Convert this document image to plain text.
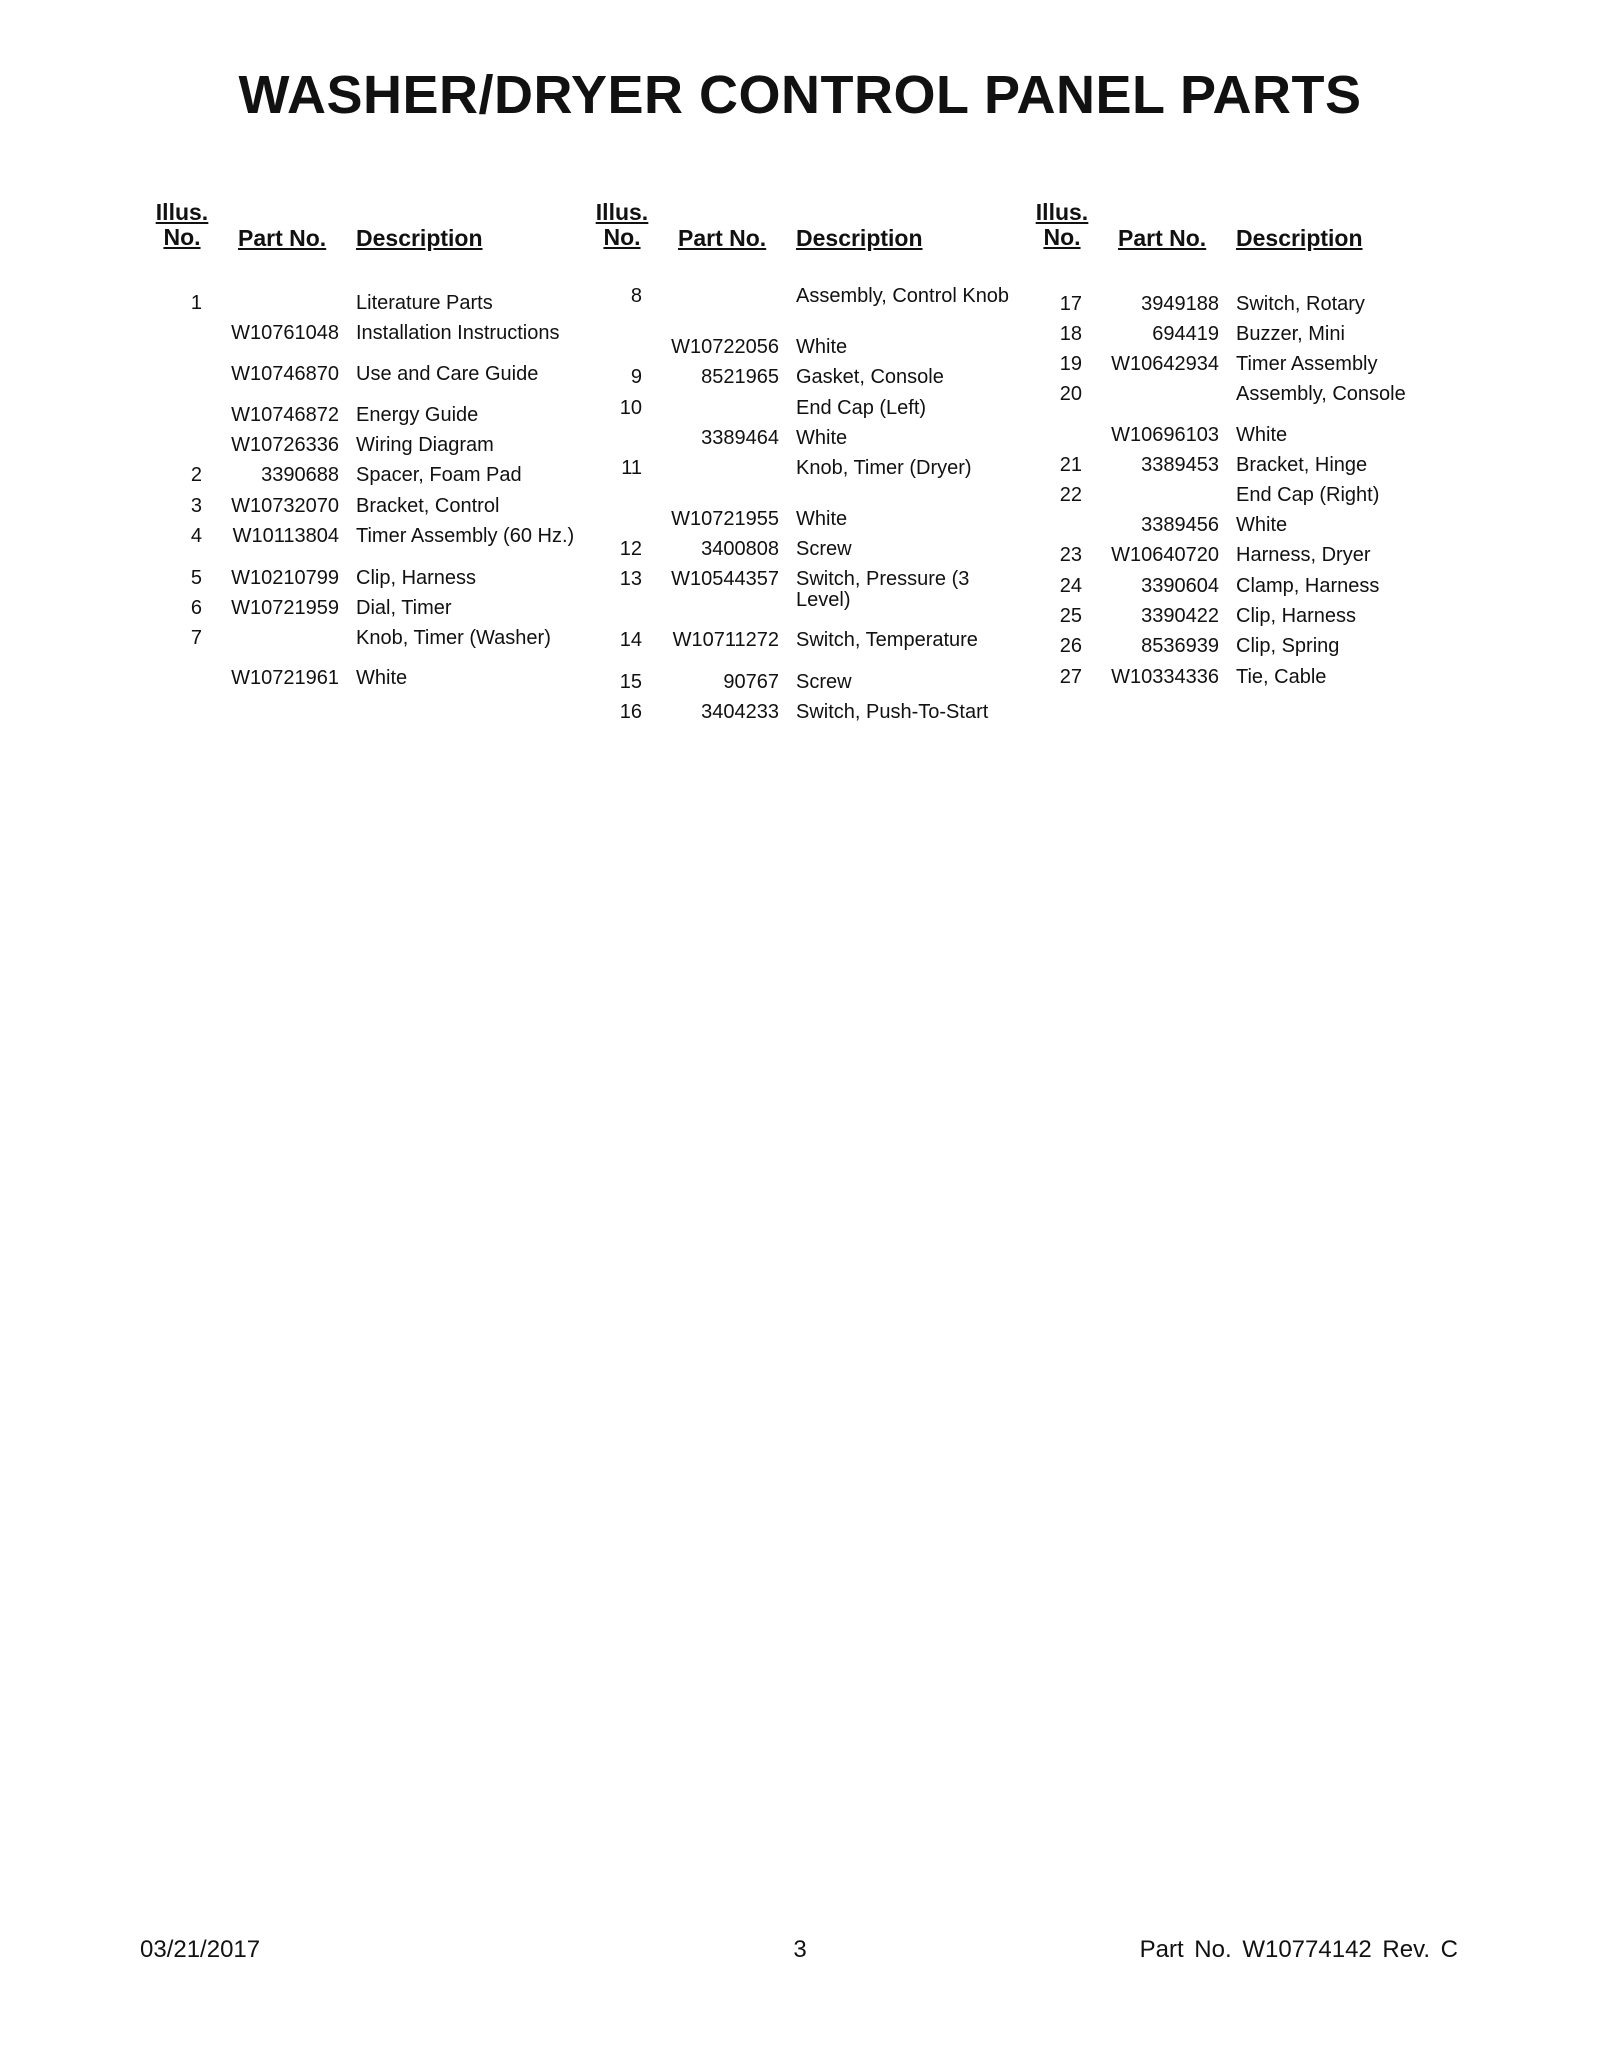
WASHER/DRYER CONTROL PANEL PARTS
Illus.
No.	Part No. Description
1	Literature Parts
W10761048 Installation Instructions
W10746870 Use and Care Guide
W10746872 Energy Guide
W10726336 Wiring Diagram
2	3390688 Spacer, Foam Pad
3	W10732070 Bracket, Control
4	W10113804 Timer Assembly (60 Hz.)
5	W10210799 Clip, Harness
6	W10721959 Dial, Timer
7	Knob, Timer (Washer)
W10721961 White
Illus.
No.	Part No. Description
8	Assembly, Control Knob
W10722056 White
9	8521965 Gasket, Console
10	End Cap (Left)
3389464 White
11	Knob, Timer (Dryer)
W10721955 White
12	3400808 Screw
13	W10544357 Switch, Pressure (3 Level)
14	W10711272 Switch, Temperature
15	90767 Screw
16	3404233 Switch, Push-To-Start
Illus.
No.	Part No. Description
17	3949188 Switch, Rotary
18	694419 Buzzer, Mini
19	W10642934 Timer Assembly
20	Assembly, Console
W10696103 White
21	3389453 Bracket, Hinge
22	End Cap (Right)
3389456 White
23	W10640720 Harness, Dryer
24	3390604 Clamp, Harness
25	3390422 Clip, Harness
26	8536939 Clip, Spring
27	W10334336 Tie, Cable
03/21/2017	3	Part No. W10774142 Rev. C
